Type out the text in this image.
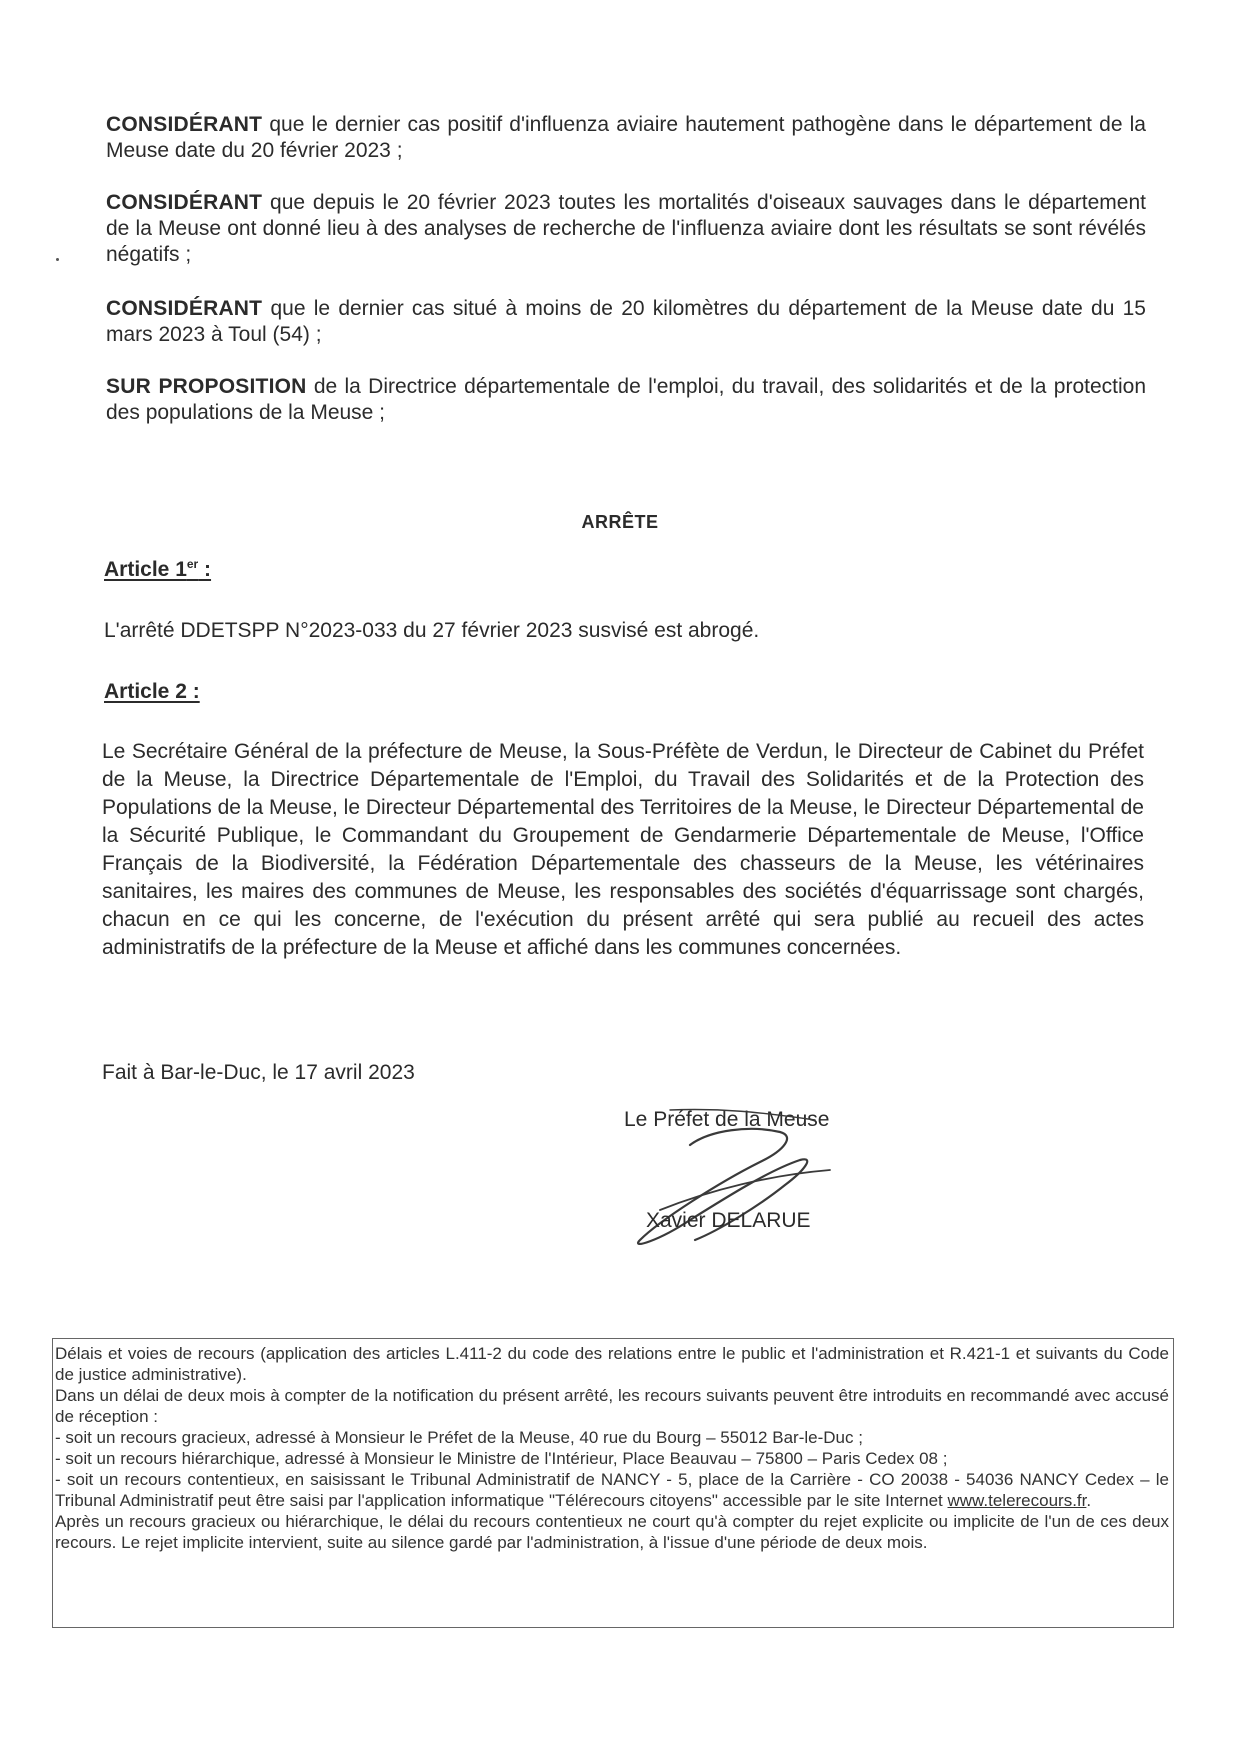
CONSIDÉRANT que le dernier cas positif d'influenza aviaire hautement pathogène dans le département de la Meuse date du 20 février 2023 ;

CONSIDÉRANT que depuis le 20 février 2023 toutes les mortalités d'oiseaux sauvages dans le département de la Meuse ont donné lieu à des analyses de recherche de l'influenza aviaire dont les résultats se sont révélés négatifs ;

CONSIDÉRANT que le dernier cas situé à moins de 20 kilomètres du département de la Meuse date du 15 mars 2023 à Toul (54) ;

SUR PROPOSITION de la Directrice départementale de l'emploi, du travail, des solidarités et de la protection des populations de la Meuse ;

ARRÊTE
Article 1er :
L'arrêté DDETSPP N°2023-033 du 27 février 2023 susvisé est abrogé.
Article 2 :

Le Secrétaire Général de la préfecture de Meuse, la Sous-Préfète de Verdun, le Directeur de Cabinet du Préfet de la Meuse, la Directrice Départementale de l'Emploi, du Travail des Solidarités et de la Protection des Populations de la Meuse, le Directeur Départemental des Territoires de la Meuse, le Directeur Départemental de la Sécurité Publique, le Commandant du Groupement de Gendarmerie Départementale de Meuse, l'Office Français de la Biodiversité, la Fédération Départementale des chasseurs de la Meuse, les vétérinaires sanitaires, les maires des communes de Meuse, les responsables des sociétés d'équarrissage sont chargés, chacun en ce qui les concerne, de l'exécution du présent arrêté qui sera publié au recueil des actes administratifs de la préfecture de la Meuse et affiché dans les communes concernées.

Fait à Bar-le-Duc, le 17 avril 2023
Le Préfet de la Meuse
Xavier DELARUE

Délais et voies de recours (application des articles L.411-2 du code des relations entre le public et l'administration et R.421-1 et suivants du Code de justice administrative).

Dans un délai de deux mois à compter de la notification du présent arrêté, les recours suivants peuvent être introduits en recommandé avec accusé de réception :

- soit un recours gracieux, adressé à Monsieur le Préfet de la Meuse, 40 rue du Bourg – 55012 Bar-le-Duc ;

- soit un recours hiérarchique, adressé à Monsieur le Ministre de l'Intérieur, Place Beauvau – 75800 – Paris Cedex 08 ;

- soit un recours contentieux, en saisissant le Tribunal Administratif de NANCY - 5, place de la Carrière - CO 20038 - 54036 NANCY Cedex – le Tribunal Administratif peut être saisi par l'application informatique "Télérecours citoyens" accessible par le site Internet www.telerecours.fr.

Après un recours gracieux ou hiérarchique, le délai du recours contentieux ne court qu'à compter du rejet explicite ou implicite de l'un de ces deux recours. Le rejet implicite intervient, suite au silence gardé par l'administration, à l'issue d'une période de deux mois.
